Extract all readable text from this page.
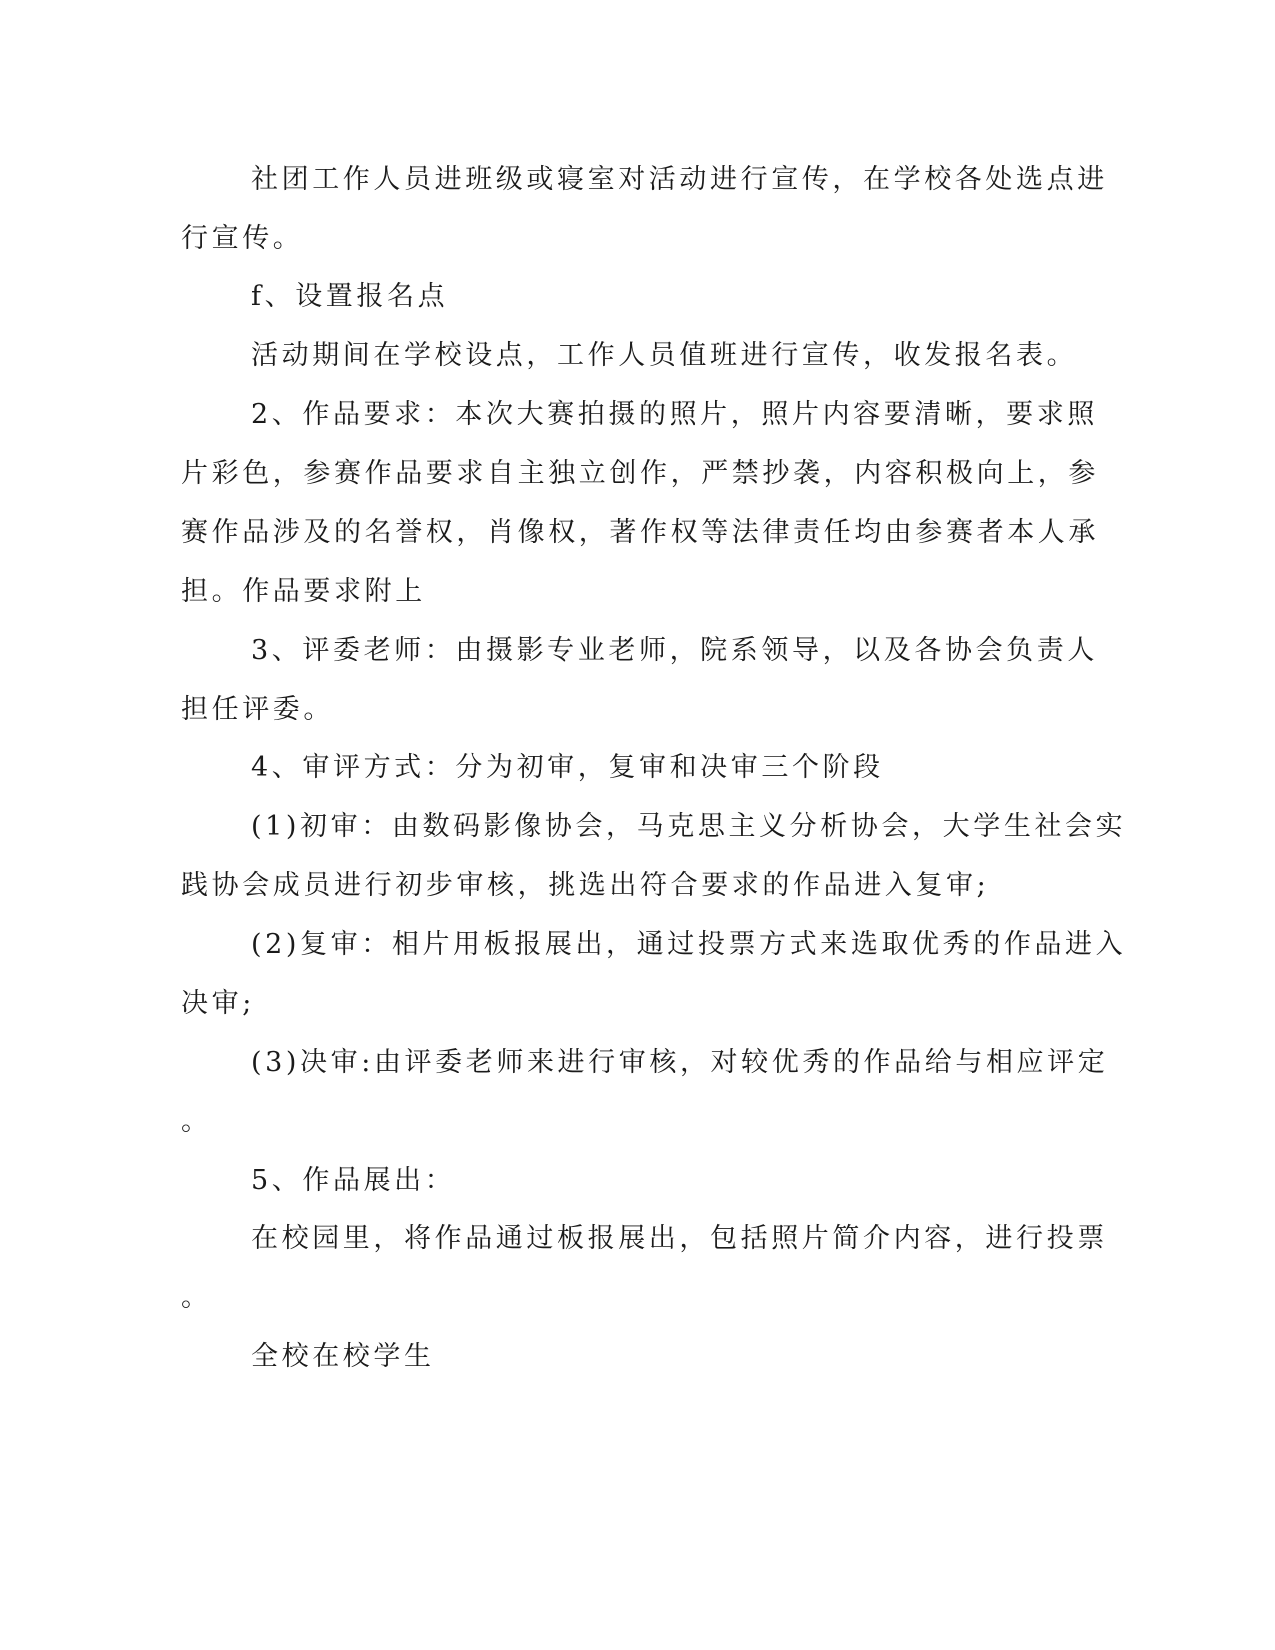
社团工作人员进班级或寝室对活动进行宣传，在学校各处选点进

行宣传。

f、设置报名点

活动期间在学校设点，工作人员值班进行宣传，收发报名表。

2、作品要求：本次大赛拍摄的照片，照片内容要清晰，要求照

片彩色，参赛作品要求自主独立创作，严禁抄袭，内容积极向上，参

赛作品涉及的名誉权，肖像权，著作权等法律责任均由参赛者本人承

担。作品要求附上

3、评委老师：由摄影专业老师，院系领导，以及各协会负责人

担任评委。

4、审评方式：分为初审，复审和决审三个阶段

(1)初审：由数码影像协会，马克思主义分析协会，大学生社会实

践协会成员进行初步审核，挑选出符合要求的作品进入复审;

(2)复审：相片用板报展出，通过投票方式来选取优秀的作品进入

决审;

(3)决审:由评委老师来进行审核，对较优秀的作品给与相应评定

。

5、作品展出：

在校园里，将作品通过板报展出，包括照片简介内容，进行投票

。

全校在校学生
